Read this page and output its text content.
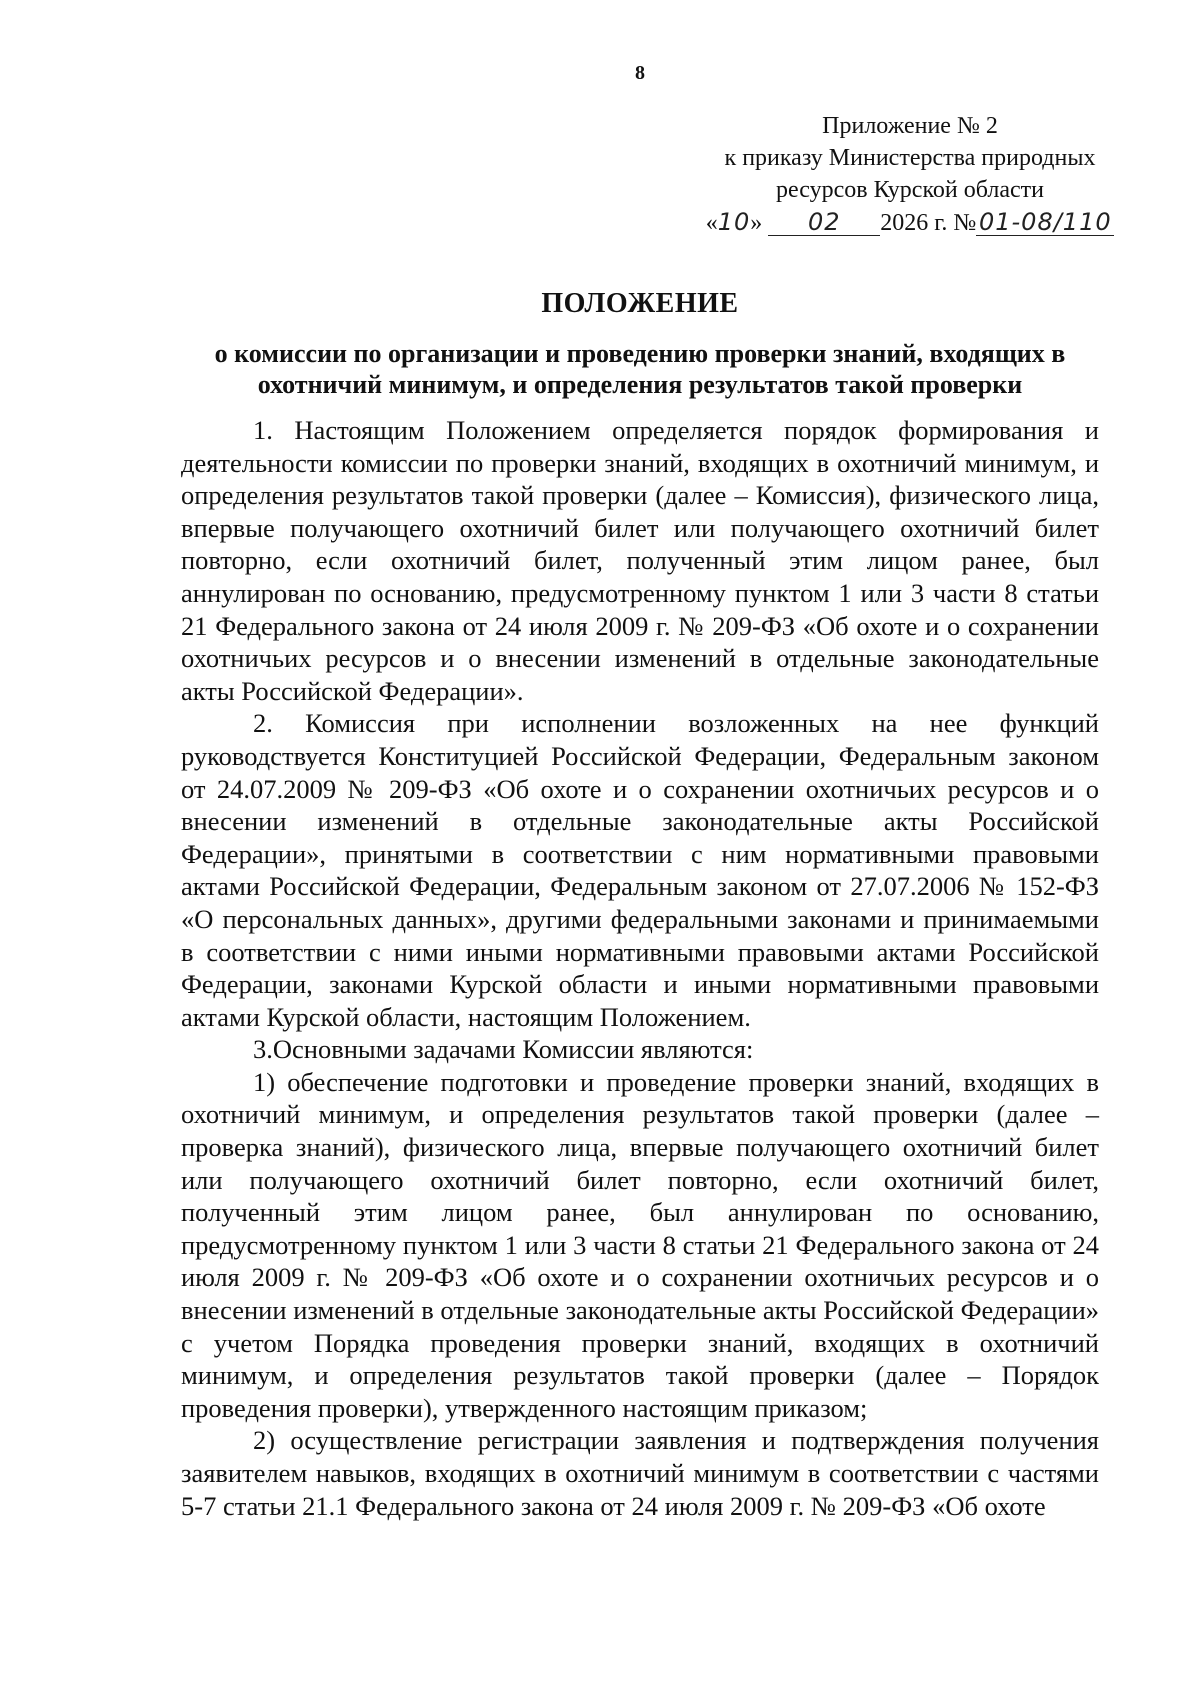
8
Приложение № 2
к приказу Министерства природных
ресурсов Курской области
«10» 02 2026 г. № 01-08/110
ПОЛОЖЕНИЕ
о комиссии по организации и проведению проверки знаний, входящих в охотничий минимум, и определения результатов такой проверки

1. Настоящим Положением определяется порядок формирования и деятельности комиссии по проверки знаний, входящих в охотничий минимум, и определения результатов такой проверки (далее – Комиссия), физического лица, впервые получающего охотничий билет или получающего охотничий билет повторно, если охотничий билет, полученный этим лицом ранее, был аннулирован по основанию, предусмотренному пунктом 1 или 3 части 8 статьи 21 Федерального закона от 24 июля 2009 г. № 209-ФЗ «Об охоте и о сохранении охотничьих ресурсов и о внесении изменений в отдельные законодательные акты Российской Федерации».

2. Комиссия при исполнении возложенных на нее функций руководствуется Конституцией Российской Федерации, Федеральным законом от 24.07.2009 № 209-ФЗ «Об охоте и о сохранении охотничьих ресурсов и о внесении изменений в отдельные законодательные акты Российской Федерации», принятыми в соответствии с ним нормативными правовыми актами Российской Федерации, Федеральным законом от 27.07.2006 № 152-ФЗ «О персональных данных», другими федеральными законами и принимаемыми в соответствии с ними иными нормативными правовыми актами Российской Федерации, законами Курской области и иными нормативными правовыми актами Курской области, настоящим Положением.

3.Основными задачами Комиссии являются:

1) обеспечение подготовки и проведение проверки знаний, входящих в охотничий минимум, и определения результатов такой проверки (далее – проверка знаний), физического лица, впервые получающего охотничий билет или получающего охотничий билет повторно, если охотничий билет, полученный этим лицом ранее, был аннулирован по основанию, предусмотренному пунктом 1 или 3 части 8 статьи 21 Федерального закона от 24 июля 2009 г. № 209-ФЗ «Об охоте и о сохранении охотничьих ресурсов и о внесении изменений в отдельные законодательные акты Российской Федерации» с учетом Порядка проведения проверки знаний, входящих в охотничий минимум, и определения результатов такой проверки (далее – Порядок проведения проверки), утвержденного настоящим приказом;

2) осуществление регистрации заявления и подтверждения получения заявителем навыков, входящих в охотничий минимум в соответствии с частями 5-7 статьи 21.1 Федерального закона от 24 июля 2009 г. № 209-ФЗ «Об охоте
